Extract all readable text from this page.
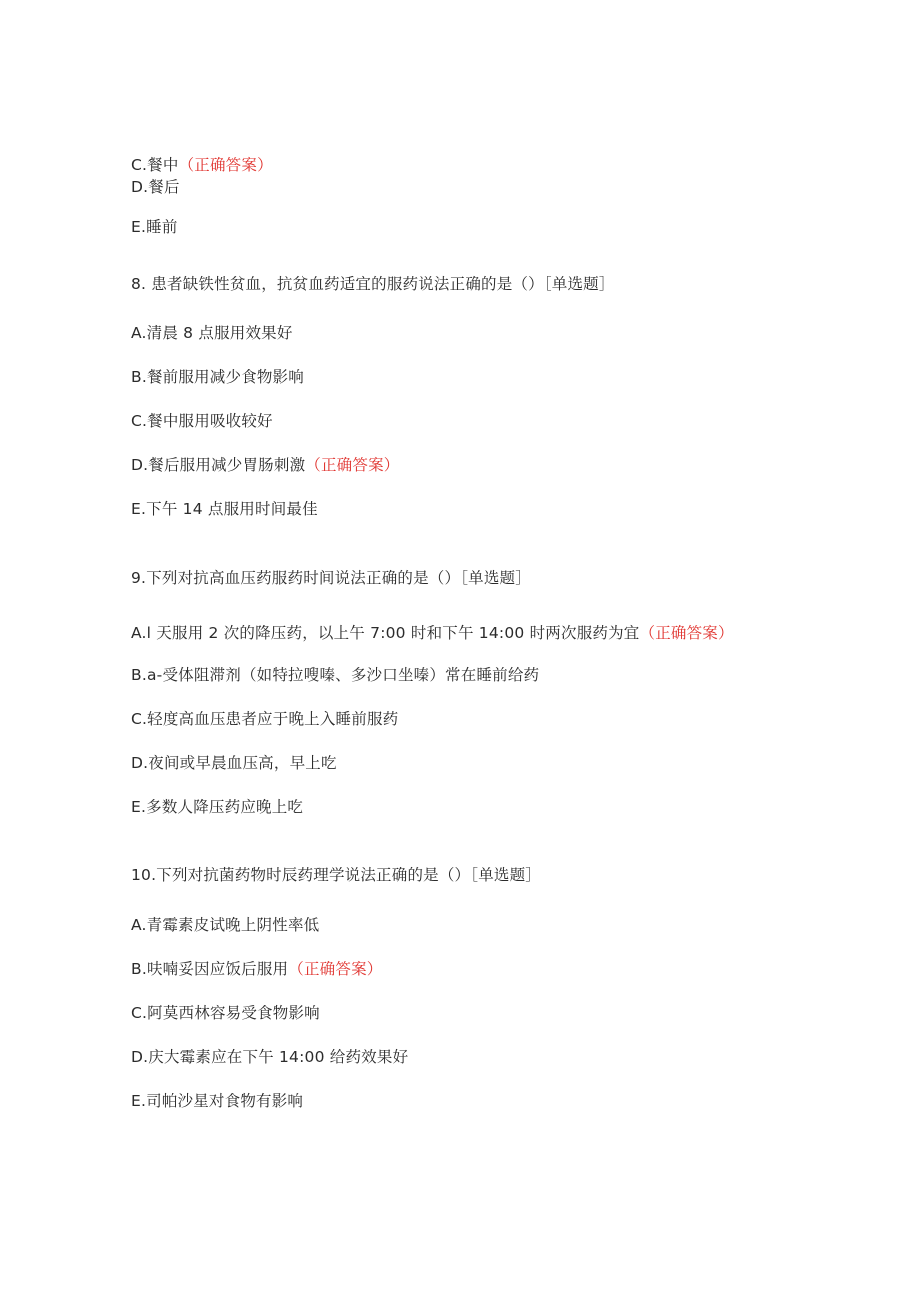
C.餐中（正确答案）
D.餐后
E.睡前
8. 患者缺铁性贫血，抗贫血药适宜的服药说法正确的是（）［单选题］
A.清晨 8 点服用效果好
B.餐前服用减少食物影响
C.餐中服用吸收较好
D.餐后服用减少胃肠刺激（正确答案）
E.下午 14 点服用时间最佳
9.下列对抗高血压药服药时间说法正确的是（）［单选题］
A.l 天服用 2 次的降压药，以上午 7:00 时和下午 14:00 时两次服药为宜（正确答案）
B.a-受体阻滞剂（如特拉嗖嗪、多沙口坐嗪）常在睡前给药
C.轻度高血压患者应于晚上入睡前服药
D.夜间或早晨血压高，早上吃
E.多数人降压药应晚上吃
10.下列对抗菌药物时辰药理学说法正确的是（）［单选题］
A.青霉素皮试晚上阴性率低
B.呋喃妥因应饭后服用（正确答案）
C.阿莫西林容易受食物影响
D.庆大霉素应在下午 14:00 给药效果好
E.司帕沙星对食物有影响
